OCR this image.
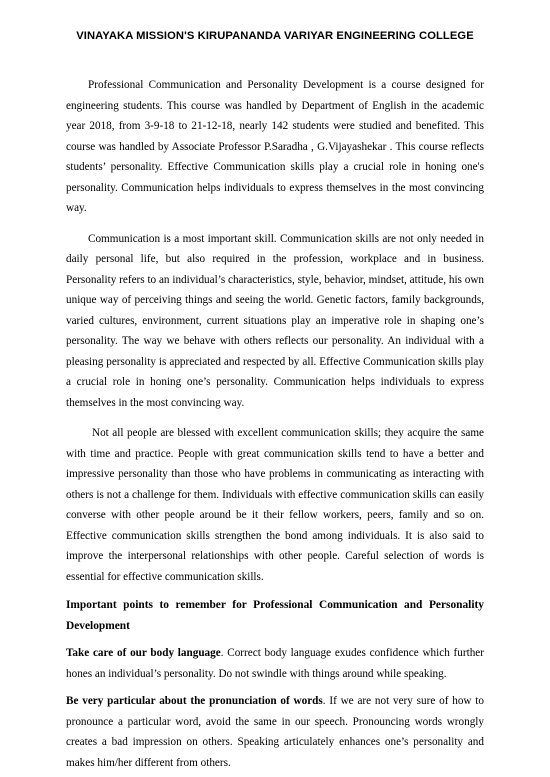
VINAYAKA MISSION'S KIRUPANANDA VARIYAR ENGINEERING COLLEGE

Professional Communication and Personality Development is a course designed for engineering students. This course was handled by Department of English in the academic year 2018, from 3-9-18 to 21-12-18, nearly 142 students were studied and benefited. This course was handled by Associate Professor P.Saradha , G.Vijayashekar . This course reflects students’ personality. Effective Communication skills play a crucial role in honing one's personality. Communication helps individuals to express themselves in the most convincing way.

Communication is a most important skill. Communication skills are not only needed in daily personal life, but also required in the profession, workplace and in business. Personality refers to an individual’s characteristics, style, behavior, mindset, attitude, his own unique way of perceiving things and seeing the world. Genetic factors, family backgrounds, varied cultures, environment, current situations play an imperative role in shaping one’s personality. The way we behave with others reflects our personality. An individual with a pleasing personality is appreciated and respected by all. Effective Communication skills play a crucial role in honing one’s personality. Communication helps individuals to express themselves in the most convincing way.

Not all people are blessed with excellent communication skills; they acquire the same with time and practice. People with great communication skills tend to have a better and impressive personality than those who have problems in communicating as interacting with others is not a challenge for them. Individuals with effective communication skills can easily converse with other people around be it their fellow workers, peers, family and so on. Effective communication skills strengthen the bond among individuals. It is also said to improve the interpersonal relationships with other people. Careful selection of words is essential for effective communication skills.

Important points to remember for Professional Communication and Personality Development

Take care of our body language. Correct body language exudes confidence which further hones an individual’s personality. Do not swindle with things around while speaking.

Be very particular about the pronunciation of words. If we are not very sure of how to pronounce a particular word, avoid the same in our speech. Pronouncing words wrongly creates a bad impression on others. Speaking articulately enhances one’s personality and makes him/her different from others.
